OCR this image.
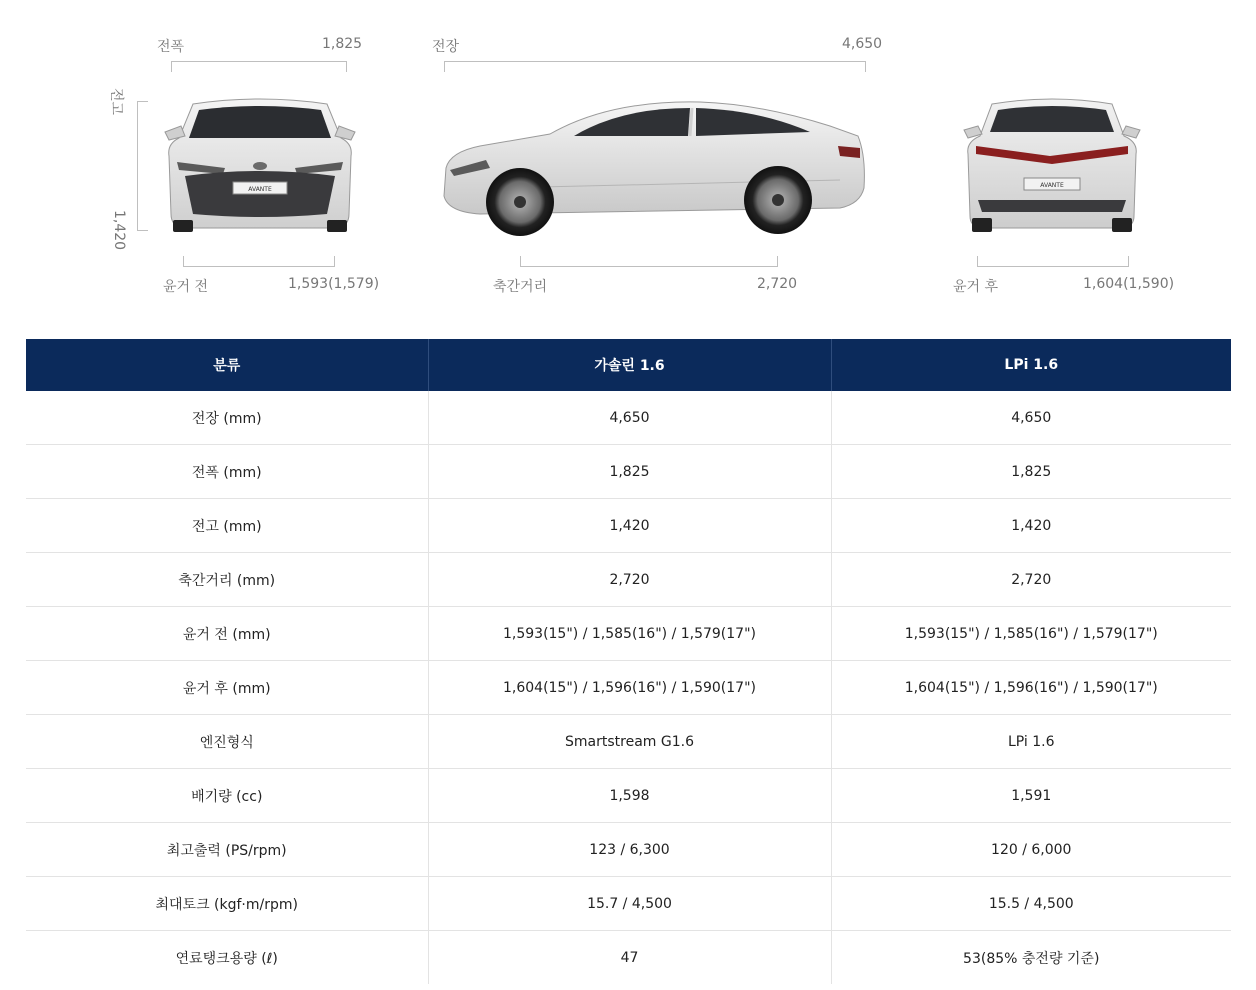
전폭	1,825
전고
1,420
AVANTE
윤거 전	1,593(1,579)
전장	4,650
축간거리	2,720
AVANTE
윤거 후	1,604(1,590)
분류	가솔린 1.6	LPi 1.6
전장 (mm)	4,650	4,650
전폭 (mm)	1,825	1,825
전고 (mm)	1,420	1,420
축간거리 (mm)	2,720	2,720
윤거 전 (mm)	1,593(15") / 1,585(16") / 1,579(17")	1,593(15") / 1,585(16") / 1,579(17")
윤거 후 (mm)	1,604(15") / 1,596(16") / 1,590(17")	1,604(15") / 1,596(16") / 1,590(17")
엔진형식	Smartstream G1.6	LPi 1.6
배기량 (cc)	1,598	1,591
최고출력 (PS/rpm)	123 / 6,300	120 / 6,000
최대토크 (kgf·m/rpm)	15.7 / 4,500	15.5 / 4,500
연료탱크용량 (ℓ)	47	53(85% 충전량 기준)
